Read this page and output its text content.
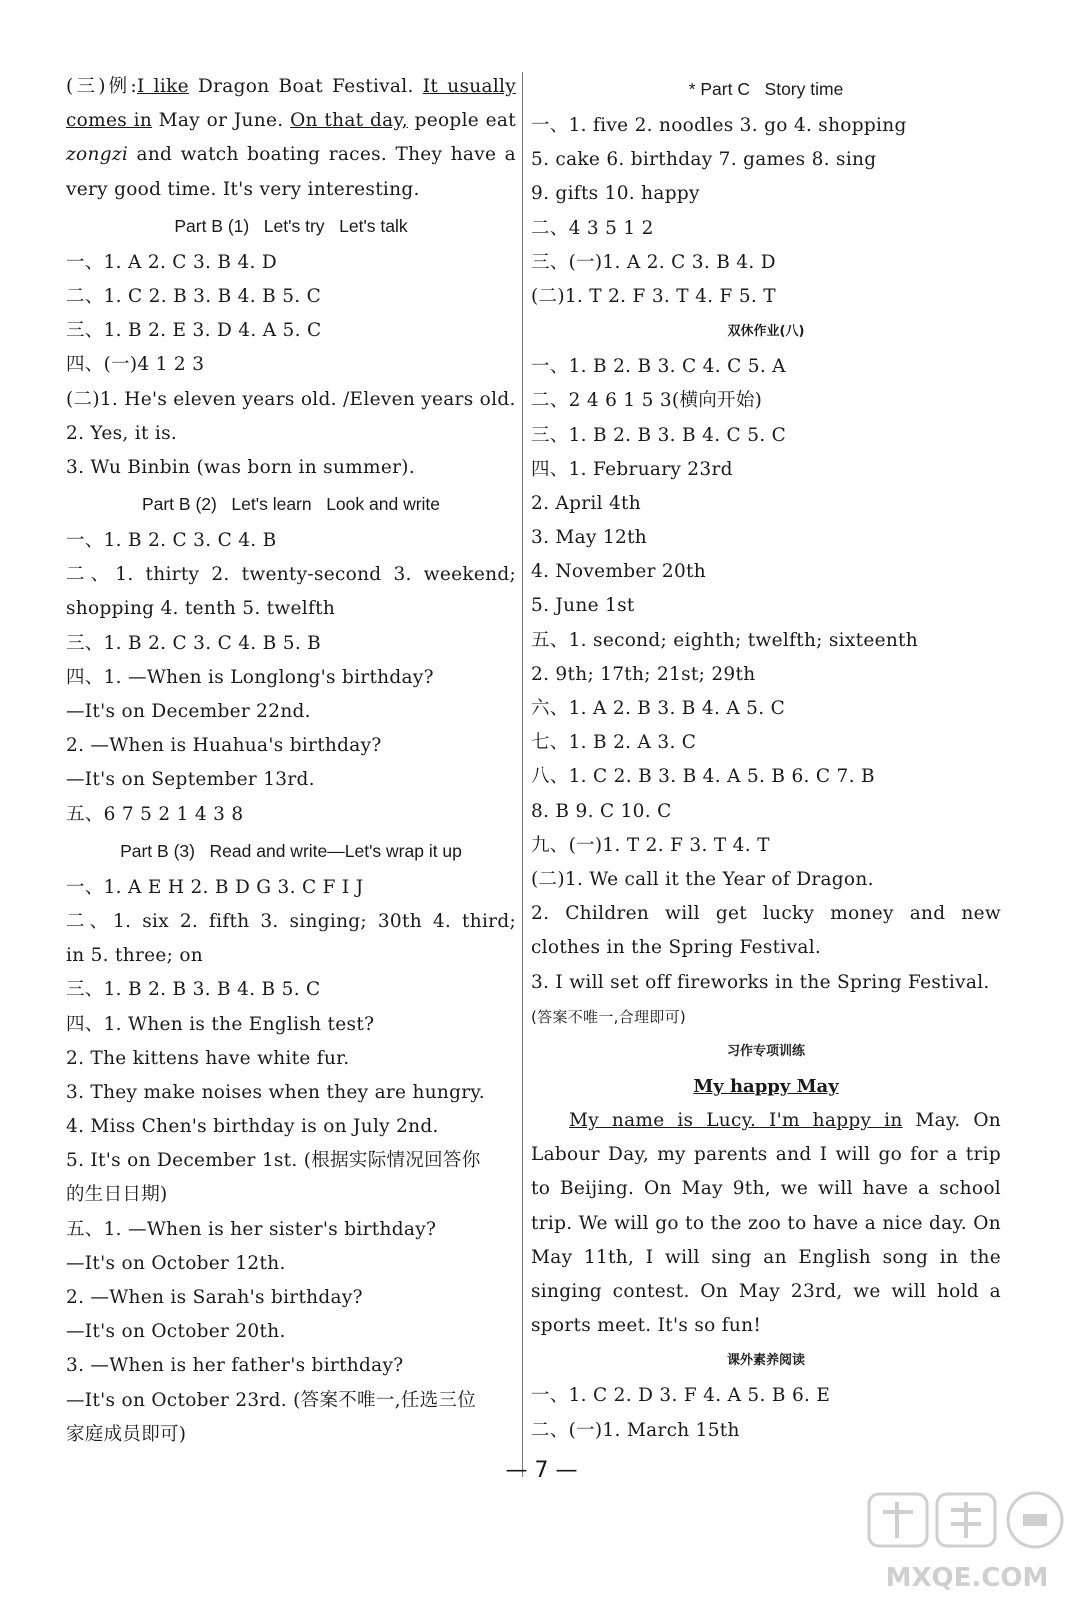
(三)例:I like Dragon Boat Festival. It usually
comes in May or June. On that day, people eat
zongzi and watch boating races. They have a
very good time. It's very interesting.
Part B (1)   Let's try   Let's talk
一、1. A 2. C 3. B 4. D
二、1. C 2. B 3. B 4. B 5. C
三、1. B 2. E 3. D 4. A 5. C
四、(一)4 1 2 3
(二)1. He's eleven years old. /Eleven years old.
2. Yes, it is.
3. Wu Binbin (was born in summer).
Part B (2)   Let's learn   Look and write
一、1. B 2. C 3. C 4. B
二、1. thirty 2. twenty-second 3. weekend;
shopping 4. tenth 5. twelfth
三、1. B 2. C 3. C 4. B 5. B
四、1. —When is Longlong's birthday?
—It's on December 22nd.
2. —When is Huahua's birthday?
—It's on September 13rd.
五、6 7 5 2 1 4 3 8
Part B (3)   Read and write—Let's wrap it up
一、1. A E H 2. B D G 3. C F I J
二、1. six 2. fifth 3. singing; 30th 4. third;
in 5. three; on
三、1. B 2. B 3. B 4. B 5. C
四、1. When is the English test?
2. The kittens have white fur.
3. They make noises when they are hungry.
4. Miss Chen's birthday is on July 2nd.
5. It's on December 1st. (根据实际情况回答你
的生日日期)
五、1. —When is her sister's birthday?
—It's on October 12th.
2. —When is Sarah's birthday?
—It's on October 20th.
3. —When is her father's birthday?
—It's on October 23rd. (答案不唯一,任选三位
家庭成员即可)
* Part C   Story time
一、1. five 2. noodles 3. go 4. shopping
5. cake 6. birthday 7. games 8. sing
9. gifts 10. happy
二、4 3 5 1 2
三、(一)1. A 2. C 3. B 4. D
(二)1. T 2. F 3. T 4. F 5. T
双休作业(八)
一、1. B 2. B 3. C 4. C 5. A
二、2 4 6 1 5 3(横向开始)
三、1. B 2. B 3. B 4. C 5. C
四、1. February 23rd
2. April 4th
3. May 12th
4. November 20th
5. June 1st
五、1. second; eighth; twelfth; sixteenth
2. 9th; 17th; 21st; 29th
六、1. A 2. B 3. B 4. A 5. C
七、1. B 2. A 3. C
八、1. C 2. B 3. B 4. A 5. B 6. C 7. B
8. B 9. C 10. C
九、(一)1. T 2. F 3. T 4. T
(二)1. We call it the Year of Dragon.
2. Children will get lucky money and new
clothes in the Spring Festival.
3. I will set off fireworks in the Spring Festival.
(答案不唯一,合理即可)
习作专项训练
My happy May
My name is Lucy. I'm happy in May. On
Labour Day, my parents and I will go for a trip
to Beijing. On May 9th, we will have a school
trip. We will go to the zoo to have a nice day. On
May 11th, I will sing an English song in the
singing contest. On May 23rd, we will hold a
sports meet. It's so fun!
课外素养阅读
一、1. C 2. D 3. F 4. A 5. B 6. E
二、(一)1. March 15th
— 7 —
MXQE.COM
